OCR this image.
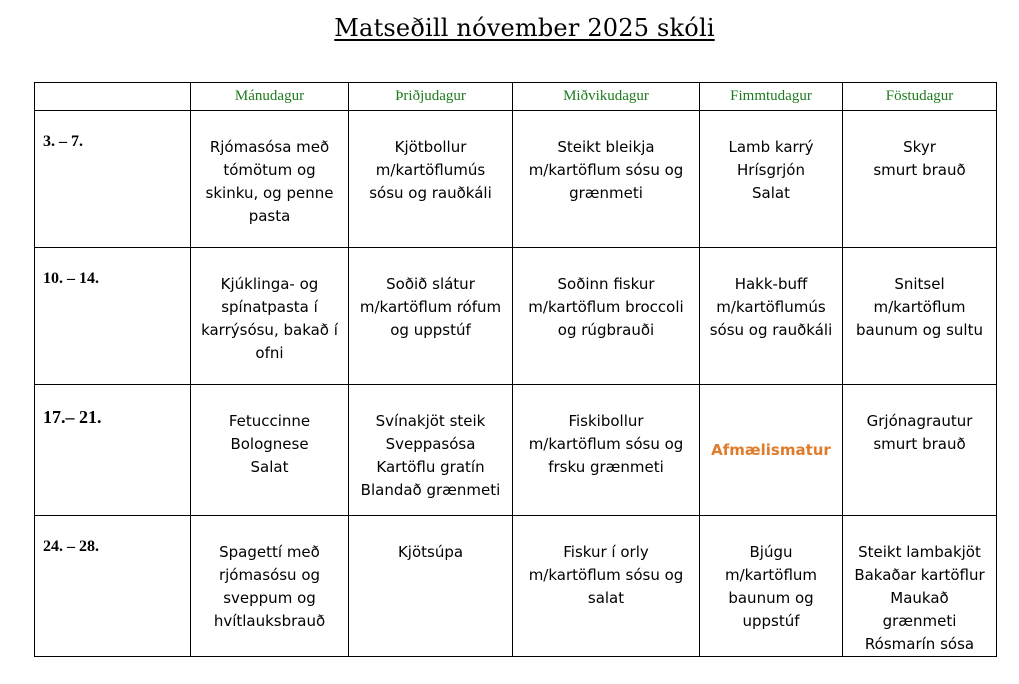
Matseðill nóvember 2025 skóli
	Mánudagur	Þriðjudagur	Miðvikudagur	Fimmtudagur	Föstudagur
3. – 7.	Rjómasósa með
tómötum og
skinku, og penne
pasta	Kjötbollur
m/kartöflumús
sósu og rauðkáli	Steikt bleikja
m/kartöflum sósu og
grænmeti	Lamb karrý
Hrísgrjón
Salat	Skyr
smurt brauð

10. – 14.	Kjúklinga- og
spínatpasta í
karrýsósu, bakað í
ofni	Soðið slátur
m/kartöflum rófum
og uppstúf	Soðinn fiskur
m/kartöflum broccoli
og rúgbrauði	Hakk-buff
m/kartöflumús
sósu og rauðkáli	Snitsel
m/kartöflum
baunum og sultu

17.– 21.	Fetuccinne
Bolognese
Salat	Svínakjöt steik
Sveppasósa
Kartöflu gratín
Blandað grænmeti	Fiskibollur
m/kartöflum sósu og
frsku grænmeti	Afmælismatur	Grjónagrautur
smurt brauð

24. – 28.	Spagettí með
rjómasósu og
sveppum og
hvítlauksbrauð	Kjötsúpa	Fiskur í orly
m/kartöflum sósu og
salat	Bjúgu
m/kartöflum
baunum og
uppstúf	Steikt lambakjöt
Bakaðar kartöflur
Maukað
grænmeti
Rósmarín sósa
